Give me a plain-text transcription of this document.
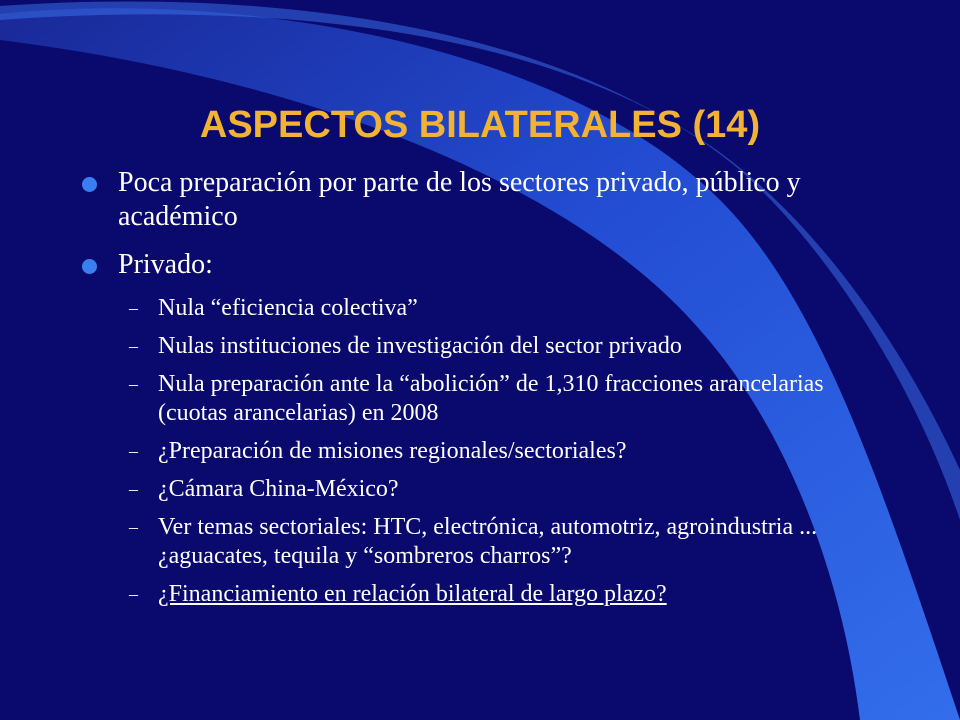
ASPECTOS BILATERALES (14)
Poca preparación por parte de los sectores privado, público y académico
Privado:
– Nula “eficiencia colectiva”
– Nulas instituciones de investigación del sector privado
– Nula preparación ante la “abolición” de 1,310 fracciones arancelarias (cuotas arancelarias) en 2008
– ¿Preparación de misiones regionales/sectoriales?
– ¿Cámara China-México?
– Ver temas sectoriales: HTC, electrónica, automotriz, agroindustria ... ¿aguacates, tequila y “sombreros charros”?
– ¿Financiamiento en relación bilateral de largo plazo?
